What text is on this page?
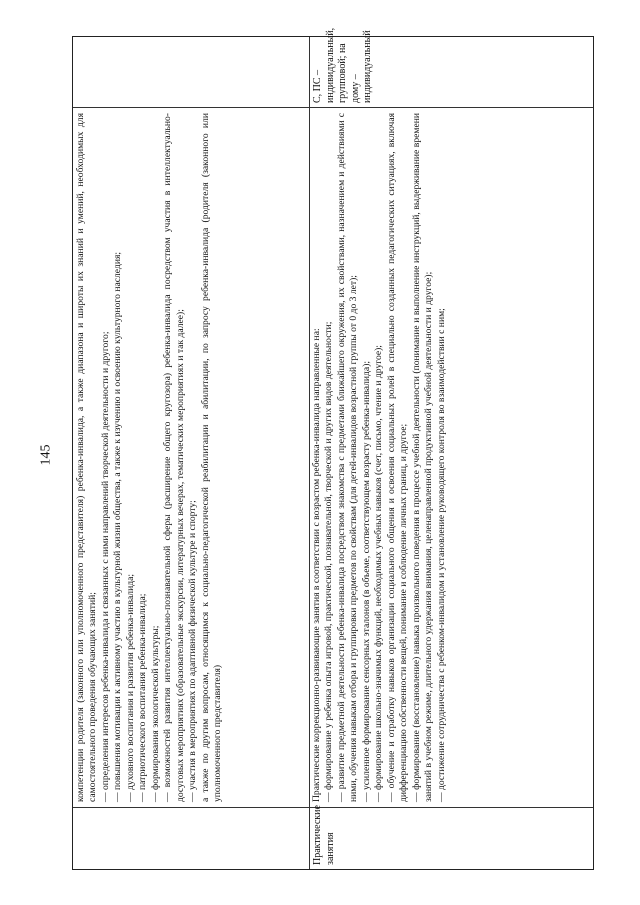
145 компетенции родителя (законного или уполномоченного представителя) ребенка-инвалида, а также диапазона и широты их знаний и умений, необходимых для самостоятельного проведения обучающих занятий; — определения интересов ребенка-инвалида и связанных с ними направлений творческой деятельности и другого; — повышения мотивации к активному участию в культурной жизни общества, а также к изучению и освоению культурного наследия; — духовного воспитания и развития ребенка-инвалида; — патриотического воспитания ребенка-инвалида; — формирования экологической культуры; — возможностей развития интеллектуально-познавательной сферы (расширение общего кругозора) ребенка-инвалида посредством участия в интеллектуально-досуговых мероприятиях (образовательные экскурсии, литературных вечерах, тематических мероприятиях и так далее); — участия в мероприятиях по адаптивной физической культуре и спорту; а также по другим вопросам, относящимся к социально-педагогической реабилитации и абилитации, по запросу ребенка-инвалида (родителя (законного или уполномоченного представителя)
Практические занятия
Практические коррекционно-развивающие занятия в соответствии с возрастом ребенка-инвалида направленные на: — формирование у ребенка опыта игровой, практической, познавательной, творческой и других видов деятельности; — развитие предметной деятельности ребенка-инвалида посредством знакомства с предметами ближайшего окружения, их свойствами, назначением и действиями с ними, обучения навыкам отбора и группировки предметов по свойствам (для детей-инвалидов возрастной группы от 0 до 3 лет); — усиленное формирование сенсорных эталонов (в объеме, соответствующем возрасту ребенка-инвалида); — формирование школьно-значимых функций, необходимых учебных навыков (счет, письмо, чтение и другое); — обучение и отработку навыков организации социального общения и освоения социальных ролей в специально созданных педагогических ситуациях, включая дифференциацию собственности вещей, понимание и соблюдение личных границ, и другое; — формирование (восстановление) навыка произвольного поведения в процессе учебной деятельности (понимание и выполнение инструкций, выдерживание времени занятий в учебном режиме, длительного удержания внимания, целенаправленной продуктивной учебной деятельности и другое); — достижение сотрудничества с ребенком-инвалидом и установление руководящего контроля во взаимодействии с ним;
С, ПС – индивидуальный, групповой; на дому – индивидуальный
